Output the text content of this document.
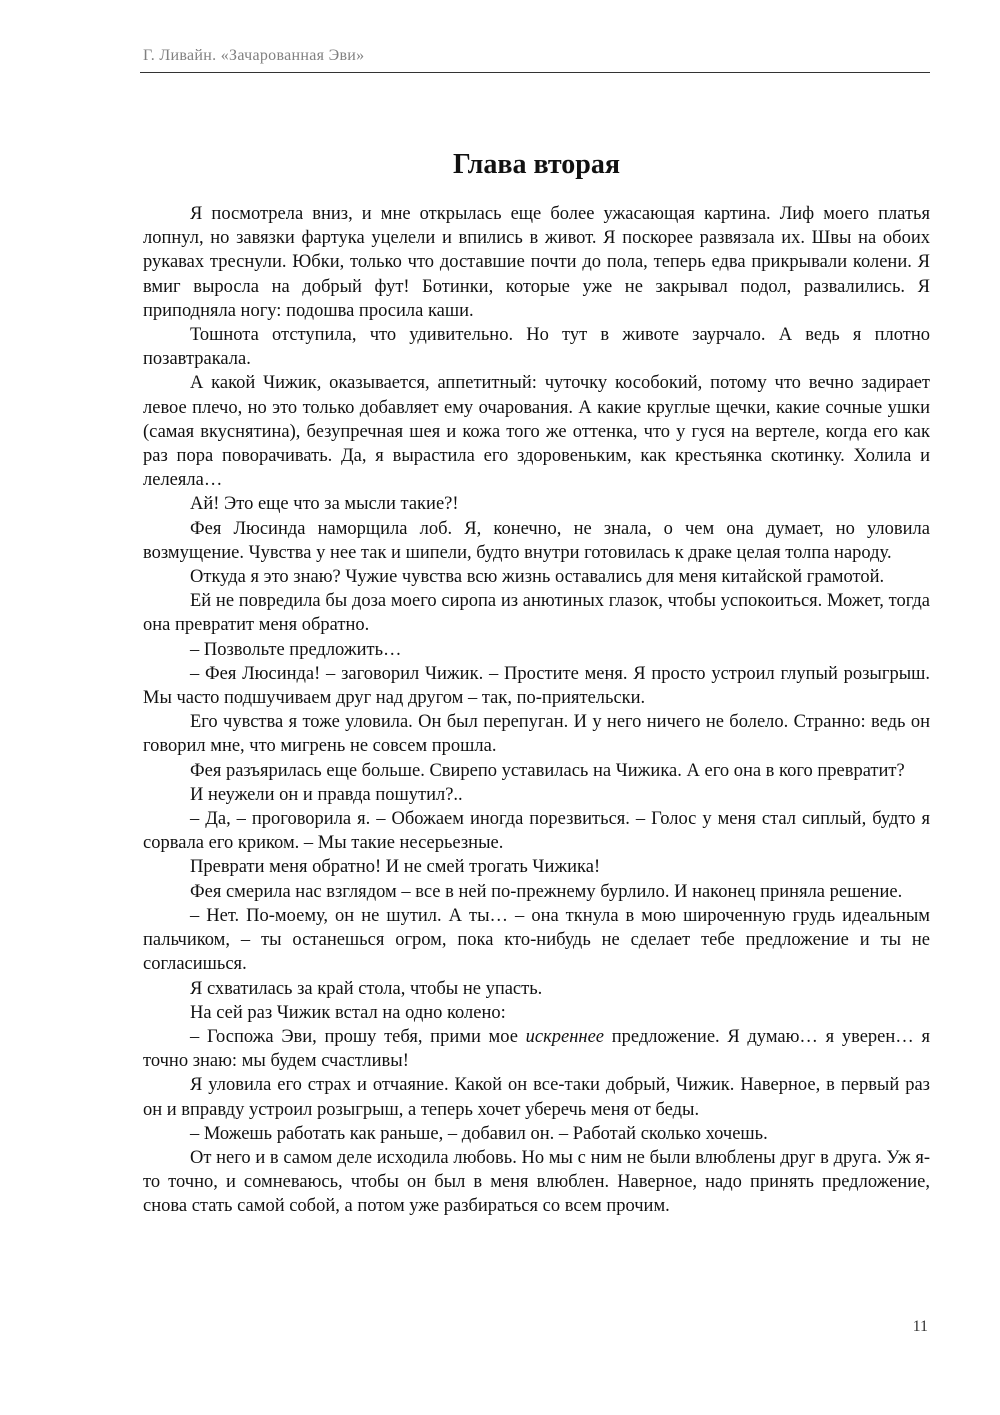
Г. Ливайн. «Зачарованная Эви»
Глава вторая

Я посмотрела вниз, и мне открылась еще более ужасающая картина. Лиф моего платья лопнул, но завязки фартука уцелели и впились в живот. Я поскорее развязала их. Швы на обоих рукавах треснули. Юбки, только что доставшие почти до пола, теперь едва прикрывали колени. Я вмиг выросла на добрый фут! Ботинки, которые уже не закрывал подол, развалились. Я приподняла ногу: подошва просила каши.

Тошнота отступила, что удивительно. Но тут в животе заурчало. А ведь я плотно позавтракала.

А какой Чижик, оказывается, аппетитный: чуточку кособокий, потому что вечно задирает левое плечо, но это только добавляет ему очарования. А какие круглые щечки, какие сочные ушки (самая вкуснятина), безупречная шея и кожа того же оттенка, что у гуся на вертеле, когда его как раз пора поворачивать. Да, я вырастила его здоровеньким, как крестьянка скотинку. Холила и лелеяла…

Ай! Это еще что за мысли такие?!

Фея Люсинда наморщила лоб. Я, конечно, не знала, о чем она думает, но уловила возмущение. Чувства у нее так и шипели, будто внутри готовилась к драке целая толпа народу.

Откуда я это знаю? Чужие чувства всю жизнь оставались для меня китайской грамотой.

Ей не повредила бы доза моего сиропа из анютиных глазок, чтобы успокоиться. Может, тогда она превратит меня обратно.

– Позвольте предложить…

– Фея Люсинда! – заговорил Чижик. – Простите меня. Я просто устроил глупый розыгрыш. Мы часто подшучиваем друг над другом – так, по-приятельски.

Его чувства я тоже уловила. Он был перепуган. И у него ничего не болело. Странно: ведь он говорил мне, что мигрень не совсем прошла.

Фея разъярилась еще больше. Свирепо уставилась на Чижика. А его она в кого превратит?

И неужели он и правда пошутил?..

– Да, – проговорила я. – Обожаем иногда порезвиться. – Голос у меня стал сиплый, будто я сорвала его криком. – Мы такие несерьезные.

Преврати меня обратно! И не смей трогать Чижика!

Фея смерила нас взглядом – все в ней по-прежнему бурлило. И наконец приняла решение.

– Нет. По-моему, он не шутил. А ты… – она ткнула в мою широченную грудь идеальным пальчиком, – ты останешься огром, пока кто-нибудь не сделает тебе предложение и ты не согласишься.

Я схватилась за край стола, чтобы не упасть.

На сей раз Чижик встал на одно колено:

– Госпожа Эви, прошу тебя, прими мое искреннее предложение. Я думаю… я уверен… я точно знаю: мы будем счастливы!

Я уловила его страх и отчаяние. Какой он все-таки добрый, Чижик. Наверное, в первый раз он и вправду устроил розыгрыш, а теперь хочет уберечь меня от беды.

– Можешь работать как раньше, – добавил он. – Работай сколько хочешь.

От него и в самом деле исходила любовь. Но мы с ним не были влюблены друг в друга. Уж я-то точно, и сомневаюсь, чтобы он был в меня влюблен. Наверное, надо принять предложение, снова стать самой собой, а потом уже разбираться со всем прочим.

11
